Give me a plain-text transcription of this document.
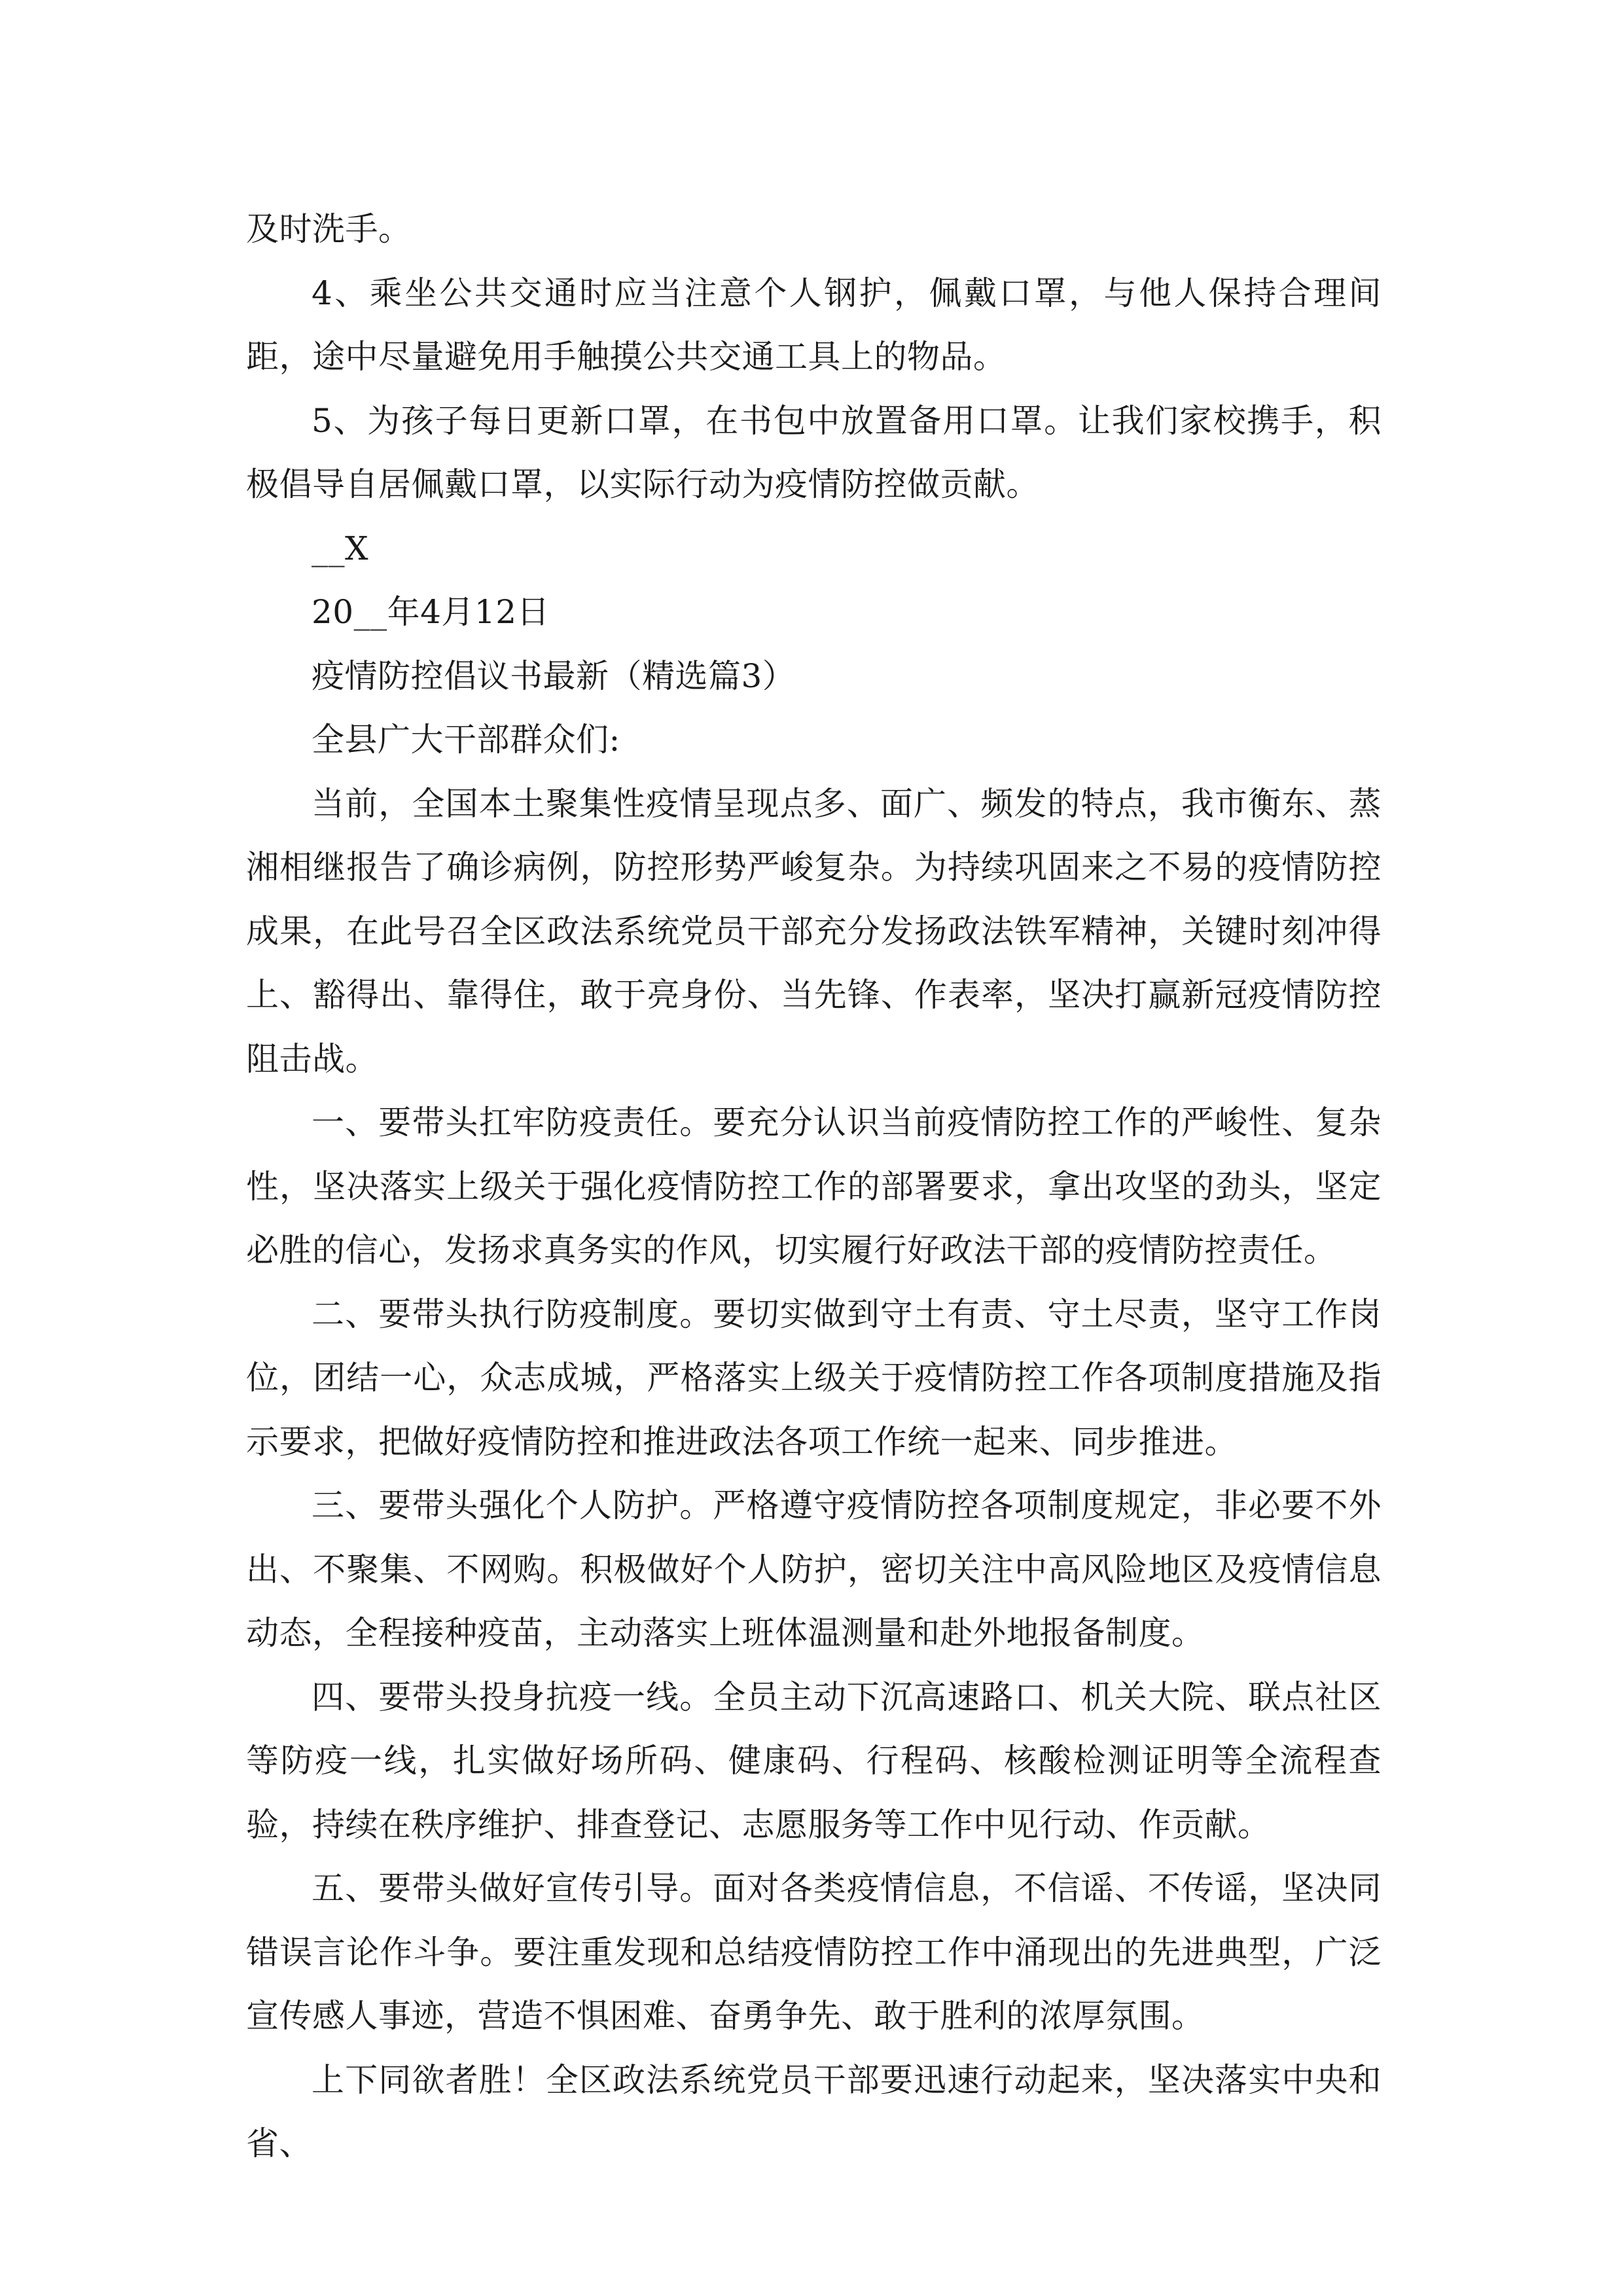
及时洗手。

4、乘坐公共交通时应当注意个人钢护，佩戴口罩，与他人保持合理间距，途中尽量避免用手触摸公共交通工具上的物品。

5、为孩子每日更新口罩，在书包中放置备用口罩。让我们家校携手，积极倡导自居佩戴口罩，以实际行动为疫情防控做贡献。

__X

20__年4月12日

疫情防控倡议书最新（精选篇3）

全县广大干部群众们:

当前，全国本土聚集性疫情呈现点多、面广、频发的特点，我市衡东、蒸湘相继报告了确诊病例，防控形势严峻复杂。为持续巩固来之不易的疫情防控成果，在此号召全区政法系统党员干部充分发扬政法铁军精神，关键时刻冲得上、豁得出、靠得住，敢于亮身份、当先锋、作表率，坚决打赢新冠疫情防控阻击战。

一、要带头扛牢防疫责任。要充分认识当前疫情防控工作的严峻性、复杂性，坚决落实上级关于强化疫情防控工作的部署要求，拿出攻坚的劲头，坚定必胜的信心，发扬求真务实的作风，切实履行好政法干部的疫情防控责任。

二、要带头执行防疫制度。要切实做到守土有责、守土尽责，坚守工作岗位，团结一心，众志成城，严格落实上级关于疫情防控工作各项制度措施及指示要求，把做好疫情防控和推进政法各项工作统一起来、同步推进。

三、要带头强化个人防护。严格遵守疫情防控各项制度规定，非必要不外出、不聚集、不网购。积极做好个人防护，密切关注中高风险地区及疫情信息动态，全程接种疫苗，主动落实上班体温测量和赴外地报备制度。

四、要带头投身抗疫一线。全员主动下沉高速路口、机关大院、联点社区等防疫一线，扎实做好场所码、健康码、行程码、核酸检测证明等全流程查验，持续在秩序维护、排查登记、志愿服务等工作中见行动、作贡献。

五、要带头做好宣传引导。面对各类疫情信息，不信谣、不传谣，坚决同错误言论作斗争。要注重发现和总结疫情防控工作中涌现出的先进典型，广泛宣传感人事迹，营造不惧困难、奋勇争先、敢于胜利的浓厚氛围。

上下同欲者胜！全区政法系统党员干部要迅速行动起来，坚决落实中央和省、
